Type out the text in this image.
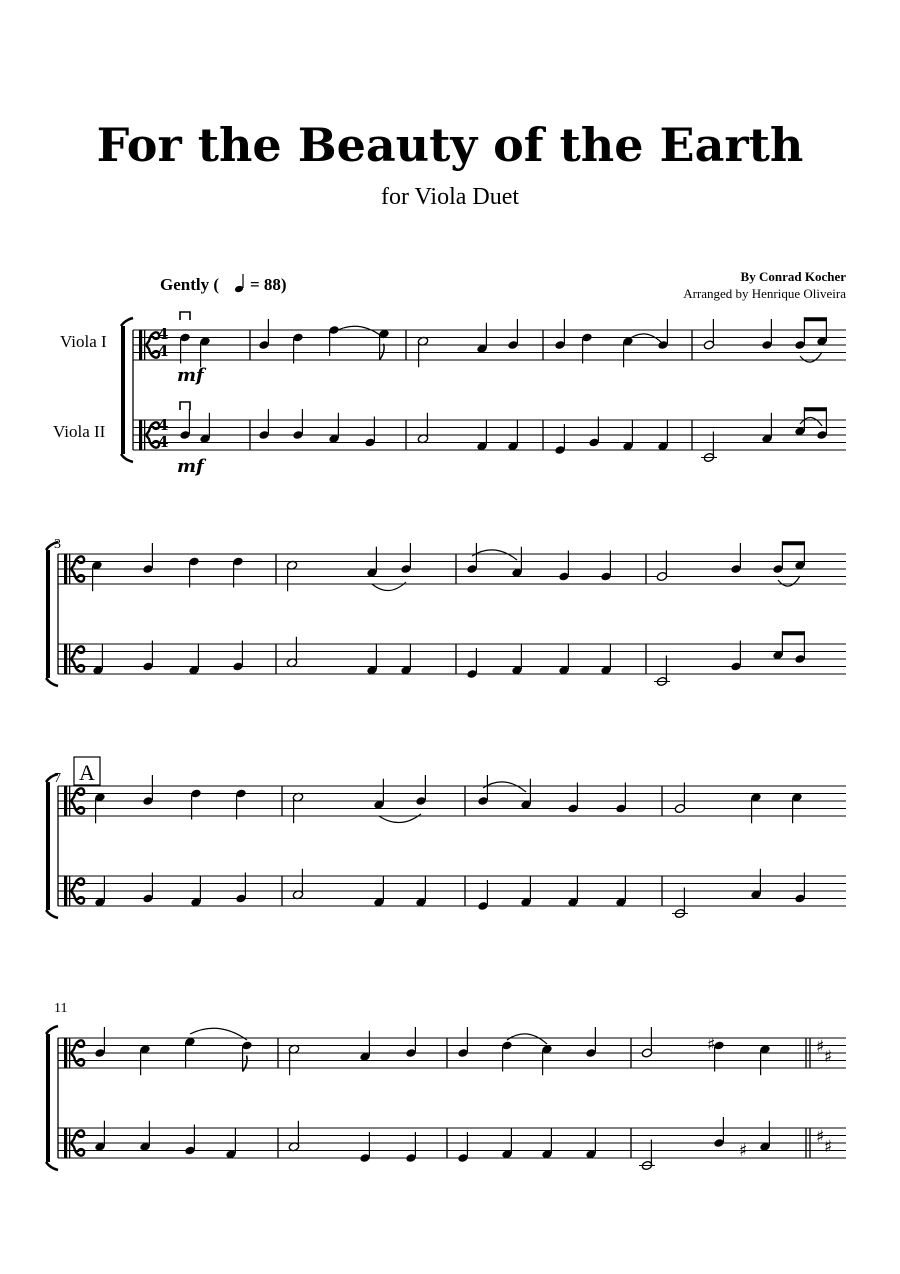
For the Beauty of the Earth
for Viola Duet
By Conrad Kocher
Arranged by Henrique Oliveira
Gently ( = 88)
Viola I
Viola II
3
7
11
A
mf
mf
4
4
4
4
♯ ♯
♯ ♯
♯
♯
